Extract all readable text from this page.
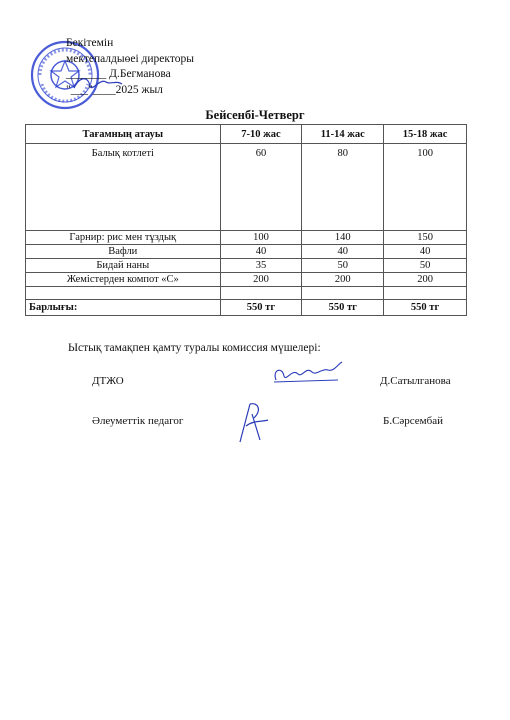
Бекітемін
мектепалдыөеі директоры
_______ Д.Бегманова
"___"____2025 жыл
Бейсенбі-Четверг
Тағамның атауы	7-10 жас	11-14 жас	15-18 жас
Балық котлеті	60	80	100
Гарнир: рис мен тұздық	100	140	150
Вафли	40	40	40
Бидай наны	35	50	50
Жемістерден компот «С»	200	200	200

Барлығы:	550 тг	550 тг	550 тг
Ыстық тамақпен қамту туралы комиссия мүшелері:
ДТЖО	Д.Сатылганова
Әлеуметтік педагог	Б.Сәрсембай
